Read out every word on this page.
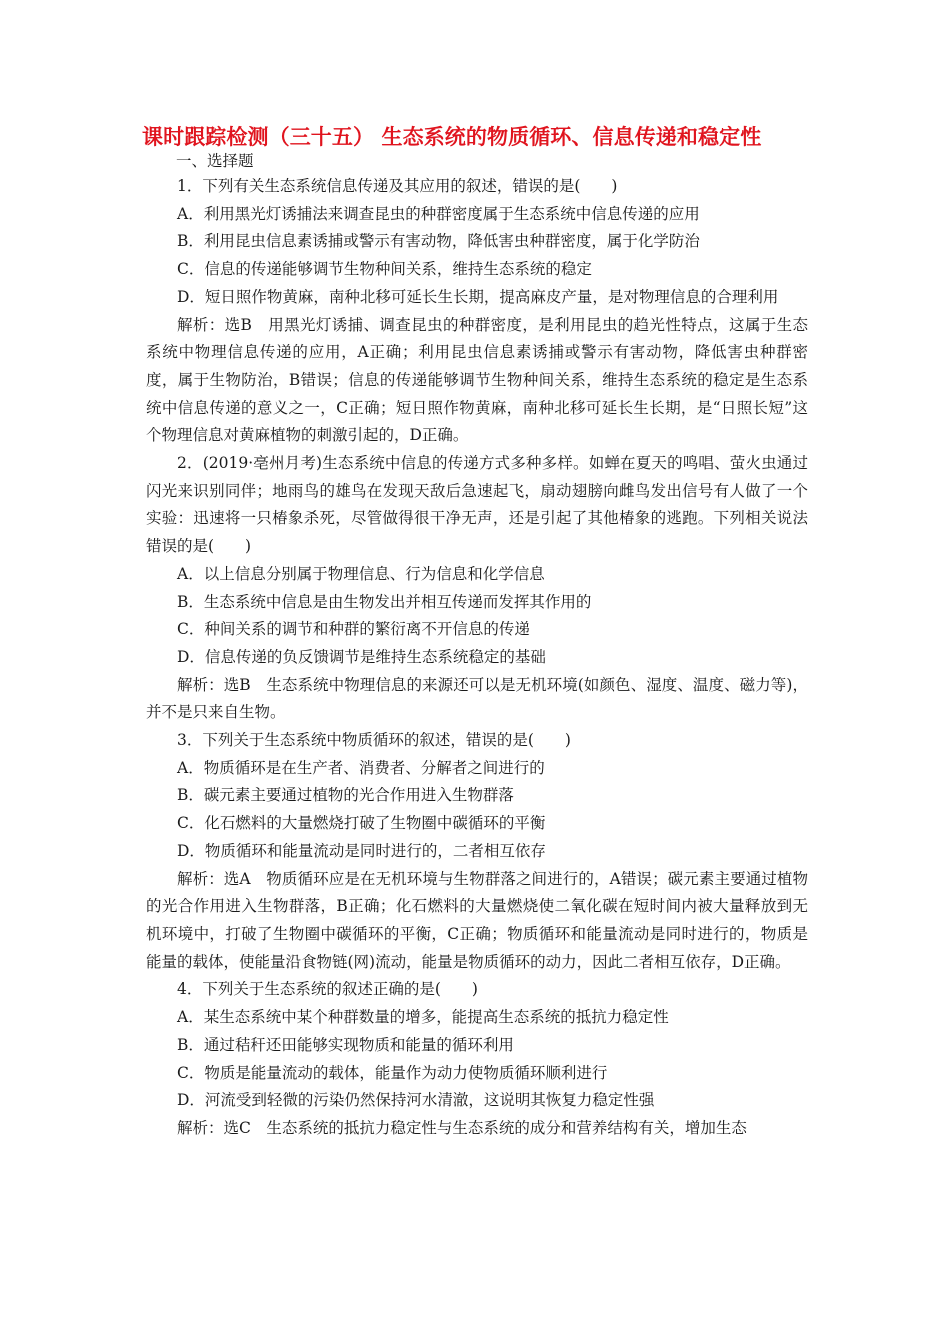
课时跟踪检测（三十五） 生态系统的物质循环、信息传递和稳定性
一、选择题
1．下列有关生态系统信息传递及其应用的叙述，错误的是(　　)
A．利用黑光灯诱捕法来调查昆虫的种群密度属于生态系统中信息传递的应用
B．利用昆虫信息素诱捕或警示有害动物，降低害虫种群密度，属于化学防治
C．信息的传递能够调节生物种间关系，维持生态系统的稳定
D．短日照作物黄麻，南种北移可延长生长期，提高麻皮产量，是对物理信息的合理利用
解析：选B　用黑光灯诱捕、调查昆虫的种群密度，是利用昆虫的趋光性特点，这属于生态系统中物理信息传递的应用，A正确；利用昆虫信息素诱捕或警示有害动物，降低害虫种群密度，属于生物防治，B错误；信息的传递能够调节生物种间关系，维持生态系统的稳定是生态系统中信息传递的意义之一，C正确；短日照作物黄麻，南种北移可延长生长期，是“日照长短”这个物理信息对黄麻植物的刺激引起的，D正确。
2．(2019·亳州月考)生态系统中信息的传递方式多种多样。如蝉在夏天的鸣唱、萤火虫通过闪光来识别同伴；地雨鸟的雄鸟在发现天敌后急速起飞，扇动翅膀向雌鸟发出信号有人做了一个实验：迅速将一只椿象杀死，尽管做得很干净无声，还是引起了其他椿象的逃跑。下列相关说法错误的是(　　)
A．以上信息分别属于物理信息、行为信息和化学信息
B．生态系统中信息是由生物发出并相互传递而发挥其作用的
C．种间关系的调节和种群的繁衍离不开信息的传递
D．信息传递的负反馈调节是维持生态系统稳定的基础
解析：选B　生态系统中物理信息的来源还可以是无机环境(如颜色、湿度、温度、磁力等)，并不是只来自生物。
3．下列关于生态系统中物质循环的叙述，错误的是(　　)
A．物质循环是在生产者、消费者、分解者之间进行的
B．碳元素主要通过植物的光合作用进入生物群落
C．化石燃料的大量燃烧打破了生物圈中碳循环的平衡
D．物质循环和能量流动是同时进行的，二者相互依存
解析：选A　物质循环应是在无机环境与生物群落之间进行的，A错误；碳元素主要通过植物的光合作用进入生物群落，B正确；化石燃料的大量燃烧使二氧化碳在短时间内被大量释放到无机环境中，打破了生物圈中碳循环的平衡，C正确；物质循环和能量流动是同时进行的，物质是能量的载体，使能量沿食物链(网)流动，能量是物质循环的动力，因此二者相互依存，D正确。
4．下列关于生态系统的叙述正确的是(　　)
A．某生态系统中某个种群数量的增多，能提高生态系统的抵抗力稳定性
B．通过秸秆还田能够实现物质和能量的循环利用
C．物质是能量流动的载体，能量作为动力使物质循环顺利进行
D．河流受到轻微的污染仍然保持河水清澈，这说明其恢复力稳定性强
解析：选C　生态系统的抵抗力稳定性与生态系统的成分和营养结构有关，增加生态
